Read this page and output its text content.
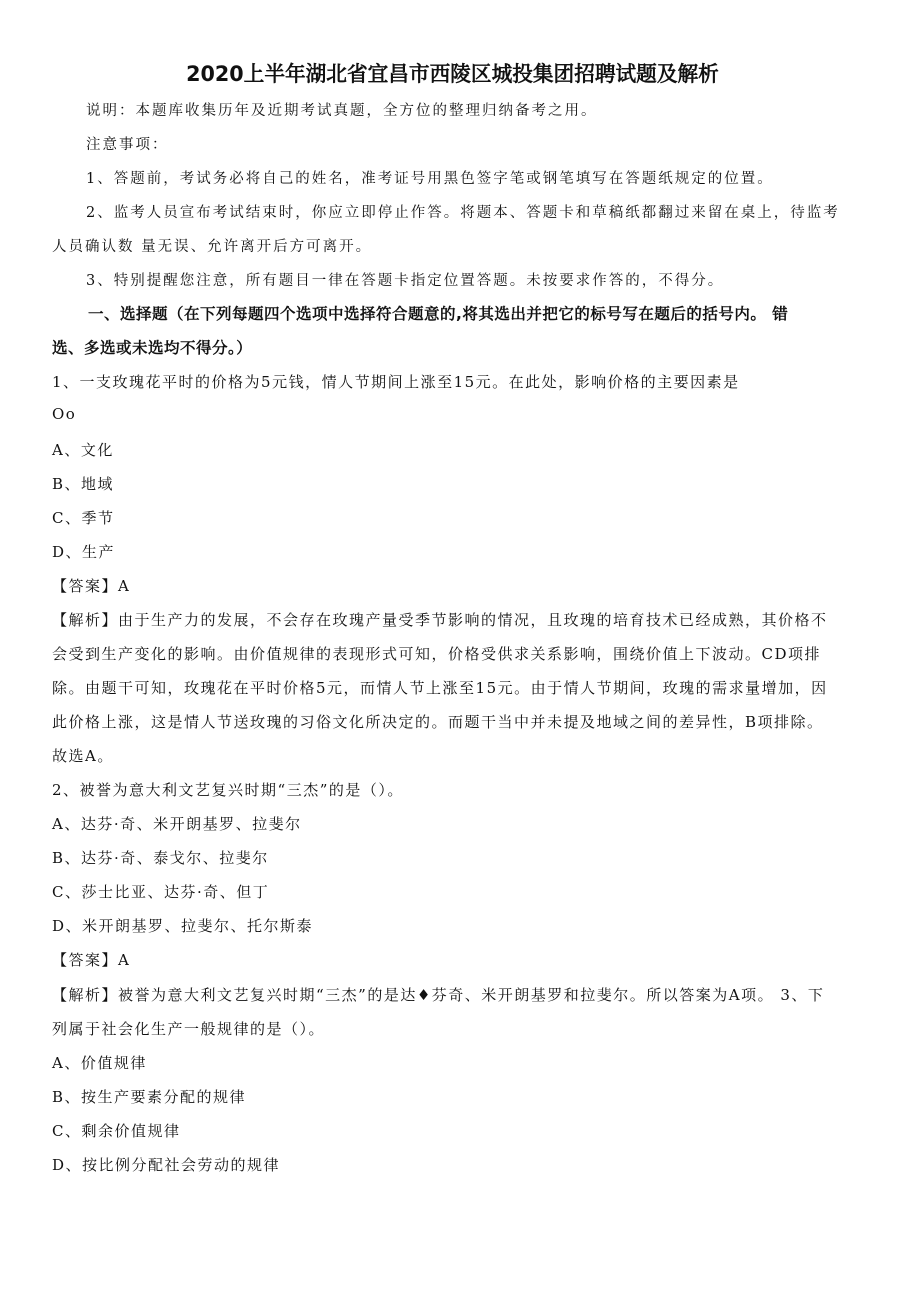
2020上半年湖北省宜昌市西陵区城投集团招聘试题及解析
说明：本题库收集历年及近期考试真题，全方位的整理归纳备考之用。
注意事项：
1、答题前，考试务必将自己的姓名，准考证号用黑色签字笔或钢笔填写在答题纸规定的位置。
2、监考人员宣布考试结束时，你应立即停止作答。将题本、答题卡和草稿纸都翻过来留在桌上，待监考
人员确认数 量无误、允许离开后方可离开。
3、特别提醒您注意，所有题目一律在答题卡指定位置答题。未按要求作答的，不得分。
一、选择题（在下列每题四个选项中选择符合题意的,将其选出并把它的标号写在题后的括号内。 错
选、多选或未选均不得分。）
1、一支玫瑰花平时的价格为5元钱，情人节期间上涨至15元。在此处，影响价格的主要因素是
Oo
A、文化
B、地域
C、季节
D、生产
【答案】A
【解析】由于生产力的发展，不会存在玫瑰产量受季节影响的情况，且玫瑰的培育技术已经成熟，其价格不
会受到生产变化的影响。由价值规律的表现形式可知，价格受供求关系影响，围绕价值上下波动。CD项排
除。由题干可知，玫瑰花在平时价格5元，而情人节上涨至15元。由于情人节期间，玫瑰的需求量增加，因
此价格上涨，这是情人节送玫瑰的习俗文化所决定的。而题干当中并未提及地域之间的差异性，B项排除。
故选A。
2、被誉为意大利文艺复兴时期“三杰”的是（）。
A、达芬·奇、米开朗基罗、拉斐尔
B、达芬·奇、泰戈尔、拉斐尔
C、莎士比亚、达芬·奇、但丁
D、米开朗基罗、拉斐尔、托尔斯泰
【答案】A
【解析】被誉为意大利文艺复兴时期“三杰”的是达♦芬奇、米开朗基罗和拉斐尔。所以答案为A项。 3、下
列属于社会化生产一般规律的是（）。
A、价值规律
B、按生产要素分配的规律
C、剩余价值规律
D、按比例分配社会劳动的规律
